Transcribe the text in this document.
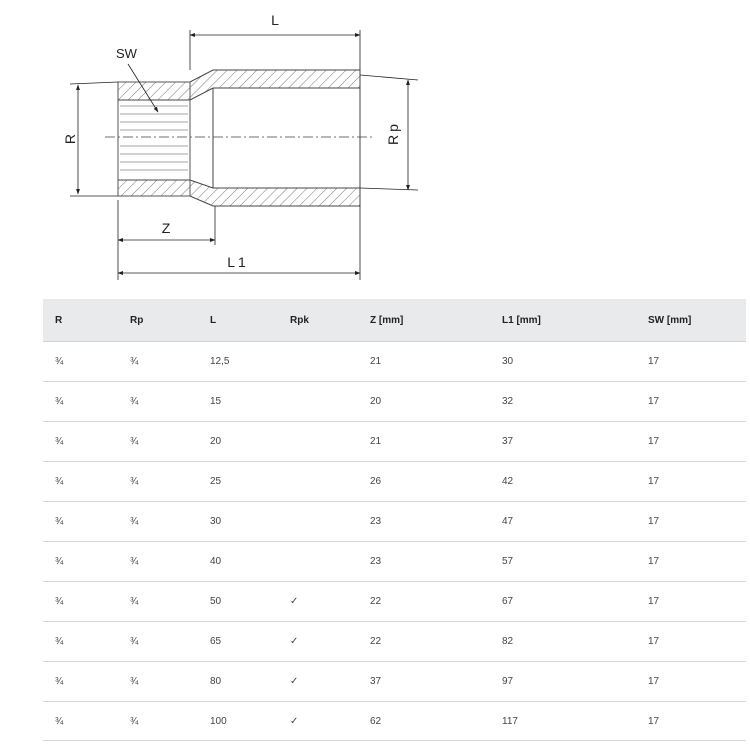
SW
R	Rp
L
Z
L1
R	Rp	L	Rpk	Z [mm]	L1 [mm]	SW [mm]
¾	¾	12,5		21	30	17
¾	¾	15		20	32	17
¾	¾	20		21	37	17
¾	¾	25		26	42	17
¾	¾	30		23	47	17
¾	¾	40		23	57	17
¾	¾	50	✓	22	67	17
¾	¾	65	✓	22	82	17
¾	¾	80	✓	37	97	17
¾	¾	100	✓	62	117	17
